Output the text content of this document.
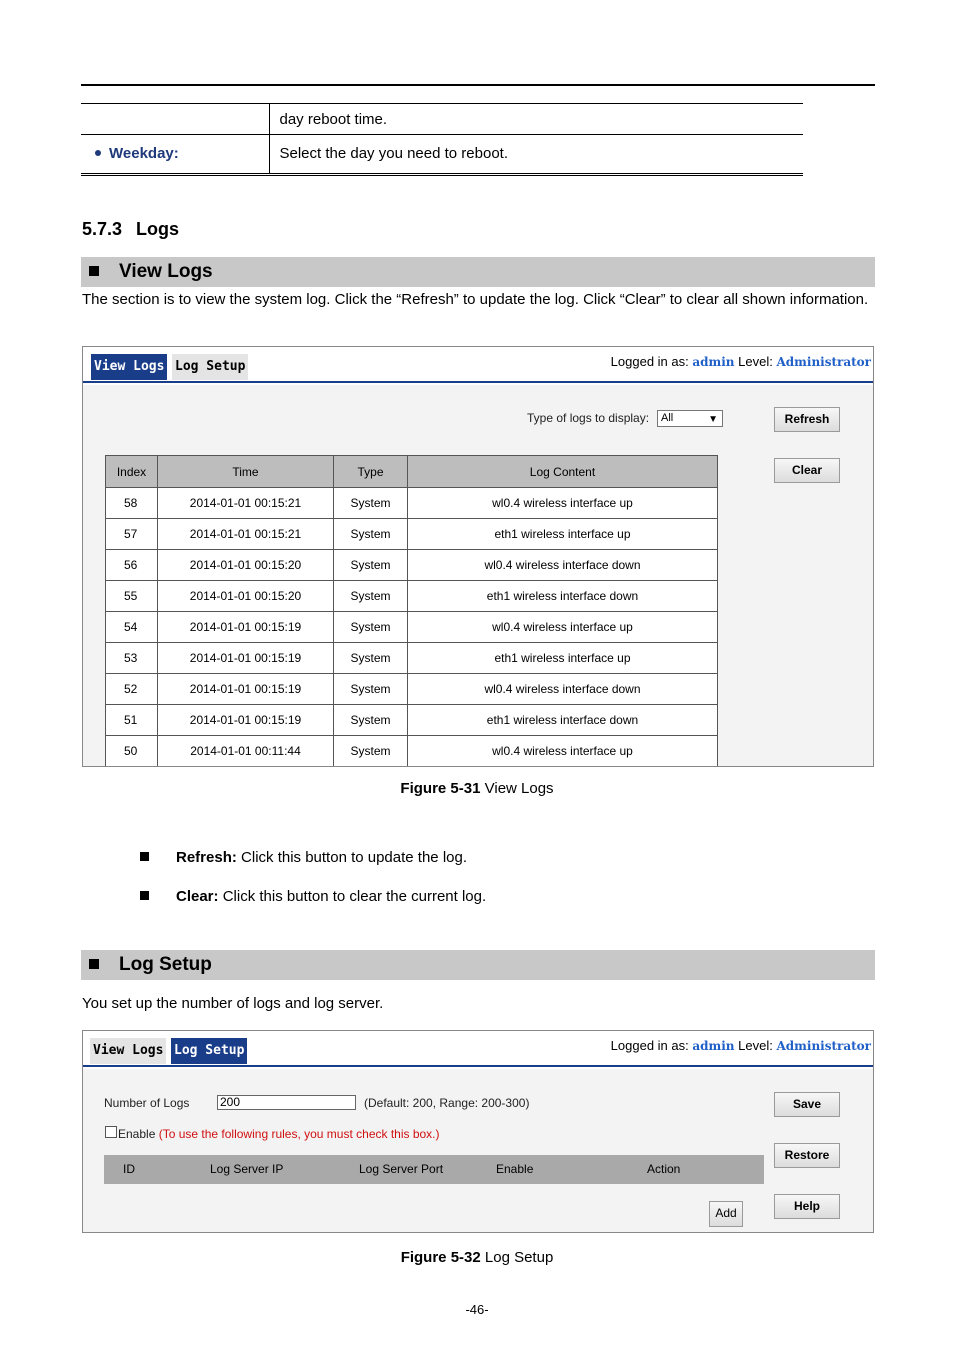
	day reboot time.
Weekday:	Select the day you need to reboot.
5.7.3 Logs
View Logs
The section is to view the system log. Click the “Refresh” to update the log. Click “Clear” to clear all shown information.
View Logs Log Setup	Logged in as: admin Level: Administrator
Type of logs to display:	All	▼	Refresh
Clear
Index	Time	Type	Log Content
58	2014-01-01 00:15:21	System	wl0.4 wireless interface up
57	2014-01-01 00:15:21	System	eth1 wireless interface up
56	2014-01-01 00:15:20	System	wl0.4 wireless interface down
55	2014-01-01 00:15:20	System	eth1 wireless interface down
54	2014-01-01 00:15:19	System	wl0.4 wireless interface up
53	2014-01-01 00:15:19	System	eth1 wireless interface up
52	2014-01-01 00:15:19	System	wl0.4 wireless interface down
51	2014-01-01 00:15:19	System	eth1 wireless interface down
50	2014-01-01 00:11:44	System	wl0.4 wireless interface up
Figure 5-31 View Logs
Refresh: Click this button to update the log.
Clear: Click this button to clear the current log.
Log Setup
You set up the number of logs and log server.
View Logs Log Setup	Logged in as: admin Level: Administrator
Number of Logs	200	(Default: 200, Range: 200-300)
Enable (To use the following rules, you must check this box.)
ID	Log Server IP	Log Server Port	Enable	Action
Add
Save
Restore
Help
Figure 5-32 Log Setup
-46-
